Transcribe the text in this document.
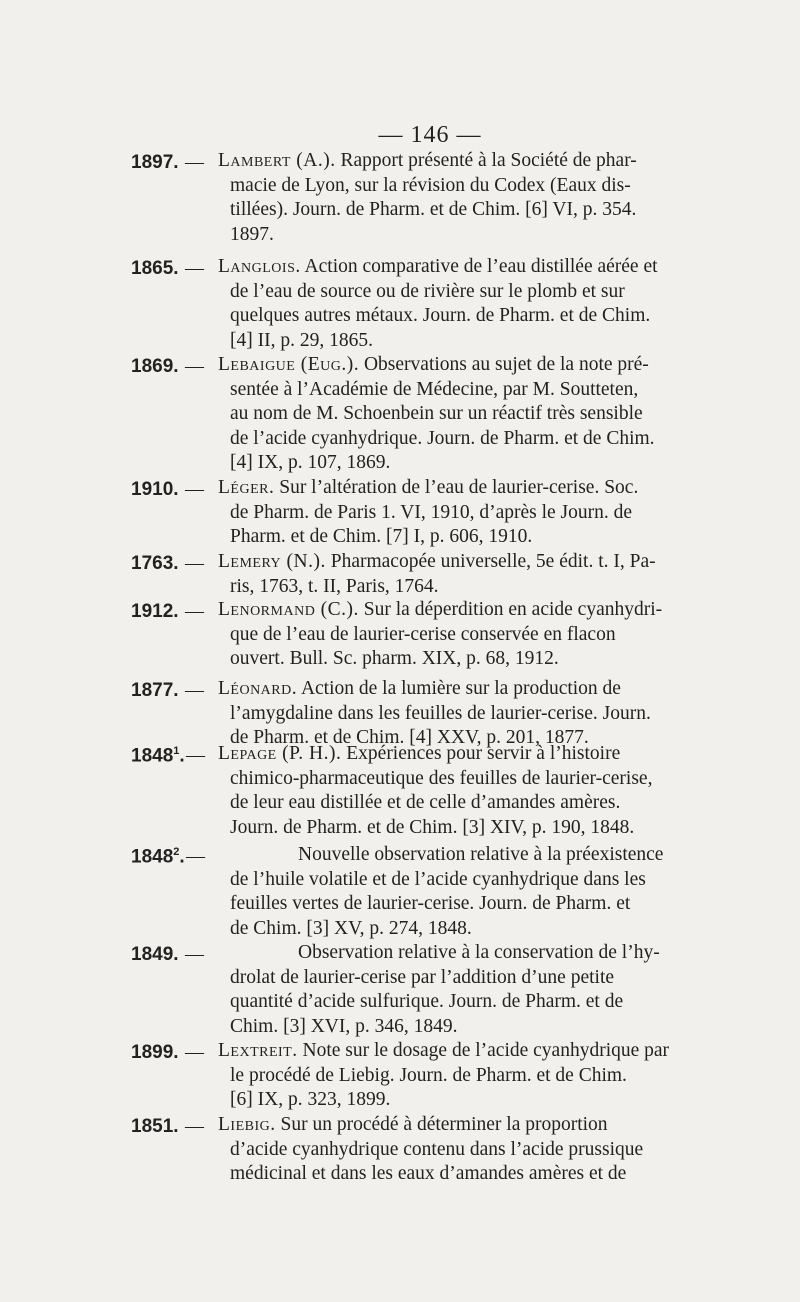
— 146 —
1897. — Lambert (A.). Rapport présenté à la Société de phar-
macie de Lyon, sur la révision du Codex (Eaux dis-
tillées). Journ. de Pharm. et de Chim. [6] VI, p. 354.
1897.
1865. — Langlois. Action comparative de l’eau distillée aérée et
de l’eau de source ou de rivière sur le plomb et sur
quelques autres métaux. Journ. de Pharm. et de Chim.
[4] II, p. 29, 1865.
1869. — Lebaigue (Eug.). Observations au sujet de la note pré-
sentée à l’Académie de Médecine, par M. Soutteten,
au nom de M. Schoenbein sur un réactif très sensible
de l’acide cyanhydrique. Journ. de Pharm. et de Chim.
[4] IX, p. 107, 1869.
1910. — Léger. Sur l’altération de l’eau de laurier-cerise. Soc.
de Pharm. de Paris 1. VI, 1910, d’après le Journ. de
Pharm. et de Chim. [7] I, p. 606, 1910.
1763. — Lemery (N.). Pharmacopée universelle, 5e édit. t. I, Pa-
ris, 1763, t. II, Paris, 1764.
1912. — Lenormand (C.). Sur la déperdition en acide cyanhydri-
que de l’eau de laurier-cerise conservée en flacon
ouvert. Bull. Sc. pharm. XIX, p. 68, 1912.
1877. — Léonard. Action de la lumière sur la production de
l’amygdaline dans les feuilles de laurier-cerise. Journ.
de Pharm. et de Chim. [4] XXV, p. 201, 1877.
1848$^1$. — Lepage (P. H.). Expériences pour servir à l’histoire
chimico-pharmaceutique des feuilles de laurier-cerise,
de leur eau distillée et de celle d’amandes amères.
Journ. de Pharm. et de Chim. [3] XIV, p. 190, 1848.
1848$^2$. —	Nouvelle observation relative à la préexistence
de l’huile volatile et de l’acide cyanhydrique dans les
feuilles vertes de laurier-cerise. Journ. de Pharm. et
de Chim. [3] XV, p. 274, 1848.
1849. —	Observation relative à la conservation de l’hy-
drolat de laurier-cerise par l’addition d’une petite
quantité d’acide sulfurique. Journ. de Pharm. et de
Chim. [3] XVI, p. 346, 1849.
1899. — Lextreit. Note sur le dosage de l’acide cyanhydrique par
le procédé de Liebig. Journ. de Pharm. et de Chim.
[6] IX, p. 323, 1899.
1851. — Liebig. Sur un procédé à déterminer la proportion
d’acide cyanhydrique contenu dans l’acide prussique
médicinal et dans les eaux d’amandes amères et de
